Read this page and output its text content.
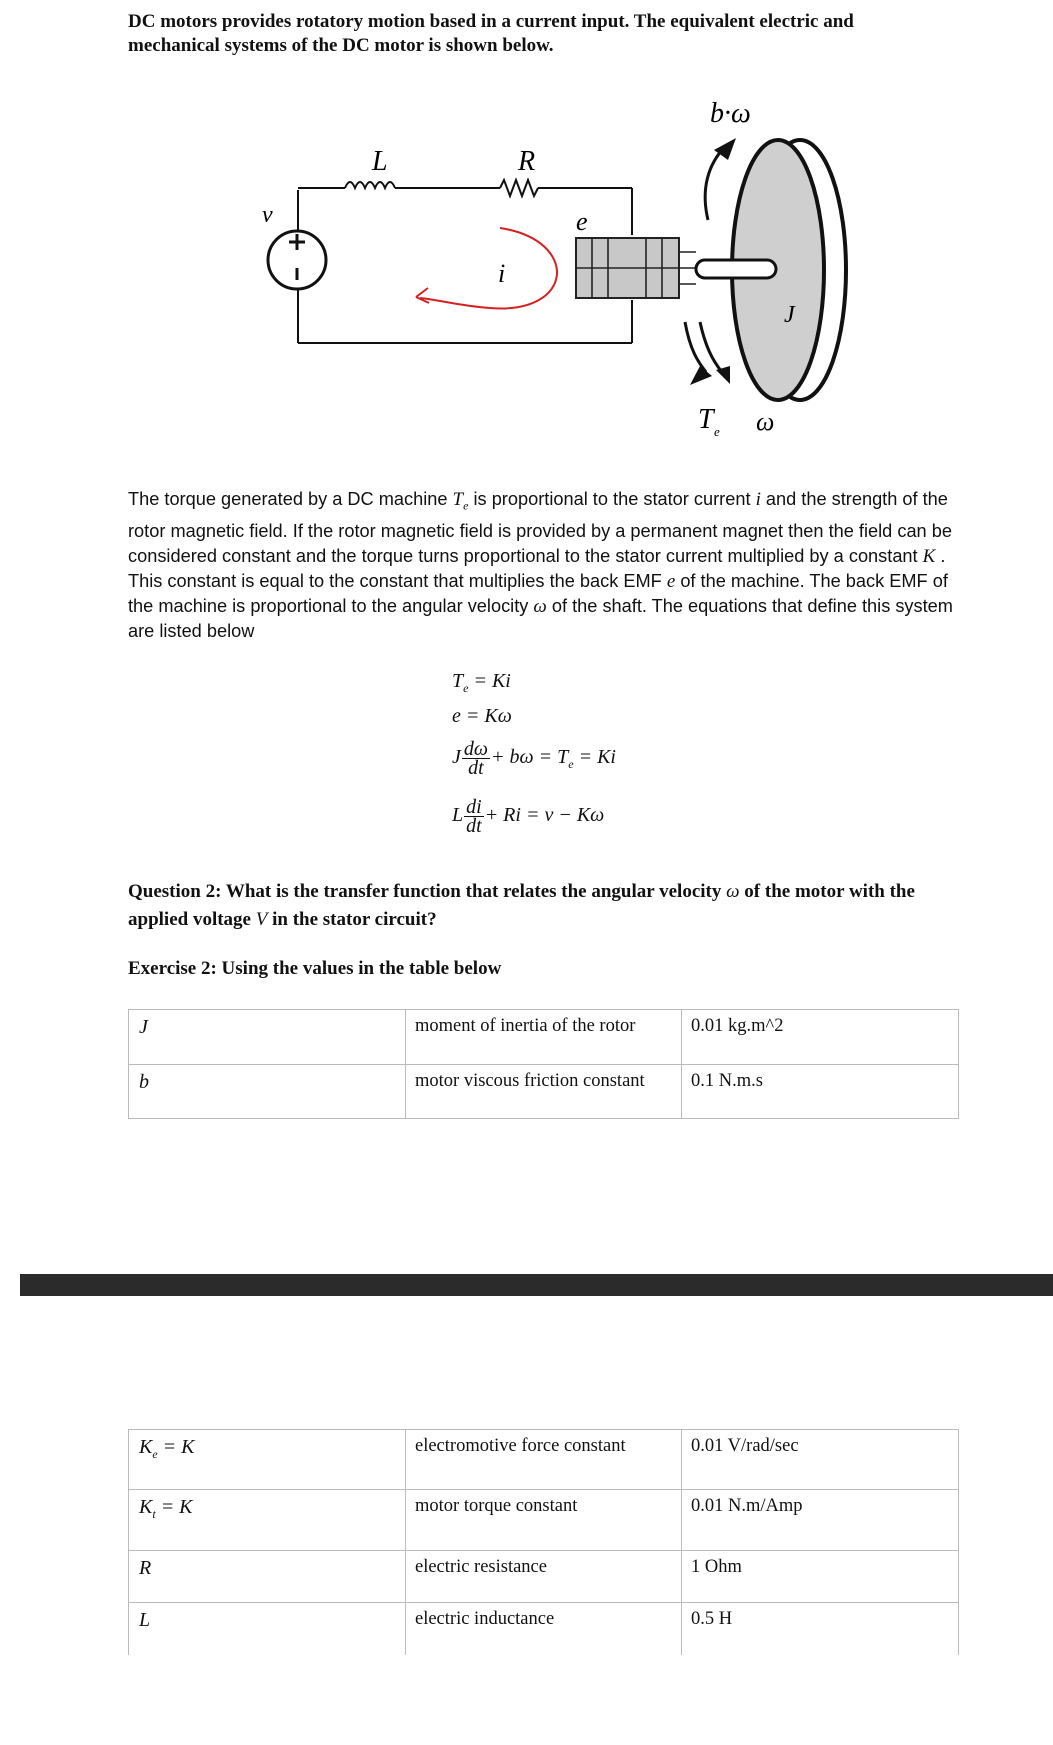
DC motors provides rotatory motion based in a current input. The equivalent electric and mechanical systems of the DC motor is shown below.
L	R
v	e
i
J
b·ω
T e ω
The torque generated by a DC machine $T_e$ is proportional to the stator current i and the strength of the rotor magnetic field. If the rotor magnetic field is provided by a permanent magnet then the field can be considered constant and the torque turns proportional to the stator current multiplied by a constant K . This constant is equal to the constant that multiplies the back EMF e of the machine. The back EMF of the machine is proportional to the angular velocity ω of the shaft. The equations that define this system are listed below
$T_e = Ki$
e = Kω
J $\frac{d\omega}{dt} + b\omega = T_e = Ki$
L $\frac{di}{dt} + Ri = v - K\omega$
Question 2: What is the transfer function that relates the angular velocity ω of the motor with the applied voltage V in the stator circuit?
Exercise 2: Using the values in the table below
J	moment of inertia of the rotor	0.01 kg.m^2
b	motor viscous friction constant	0.1 N.m.s
$K_e = K$	electromotive force constant	0.01 V/rad/sec
$K_t = K$	motor torque constant	0.01 N.m/Amp
R	electric resistance	1 Ohm
L	electric inductance	0.5 H
